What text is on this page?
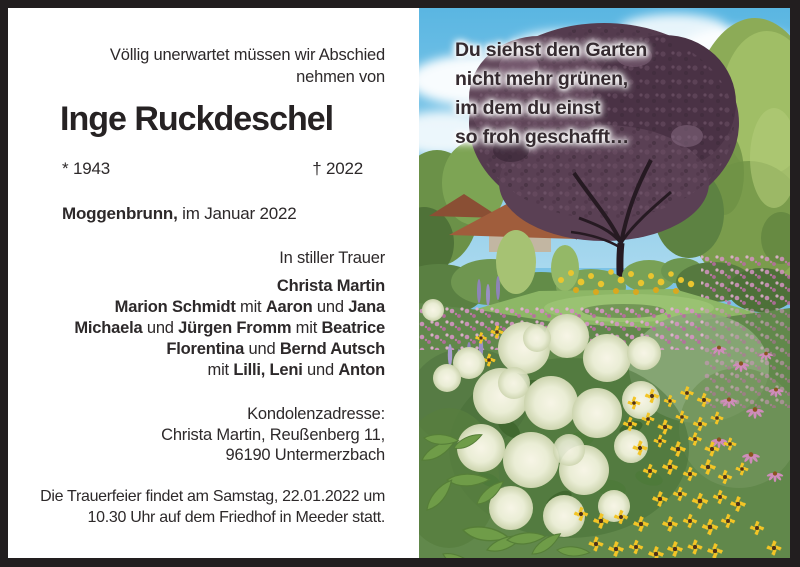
Völlig unerwartet müssen wir Abschied
nehmen von
Inge Ruckdeschel
* 1943	† 2022
Moggenbrunn, im Januar 2022
In stiller Trauer
Christa Martin
Marion Schmidt mit Aaron und Jana
Michaela und Jürgen Fromm mit Beatrice
Florentina und Bernd Autsch
mit Lilli, Leni und Anton
Kondolenzadresse:
Christa Martin, Reußenberg 11,
96190 Untermerzbach
Die Trauerfeier findet am Samstag, 22.01.2022 um
10.30 Uhr auf dem Friedhof in Meeder statt.
Du siehst den Garten
nicht mehr grünen,
im dem du einst
so froh geschafft…
